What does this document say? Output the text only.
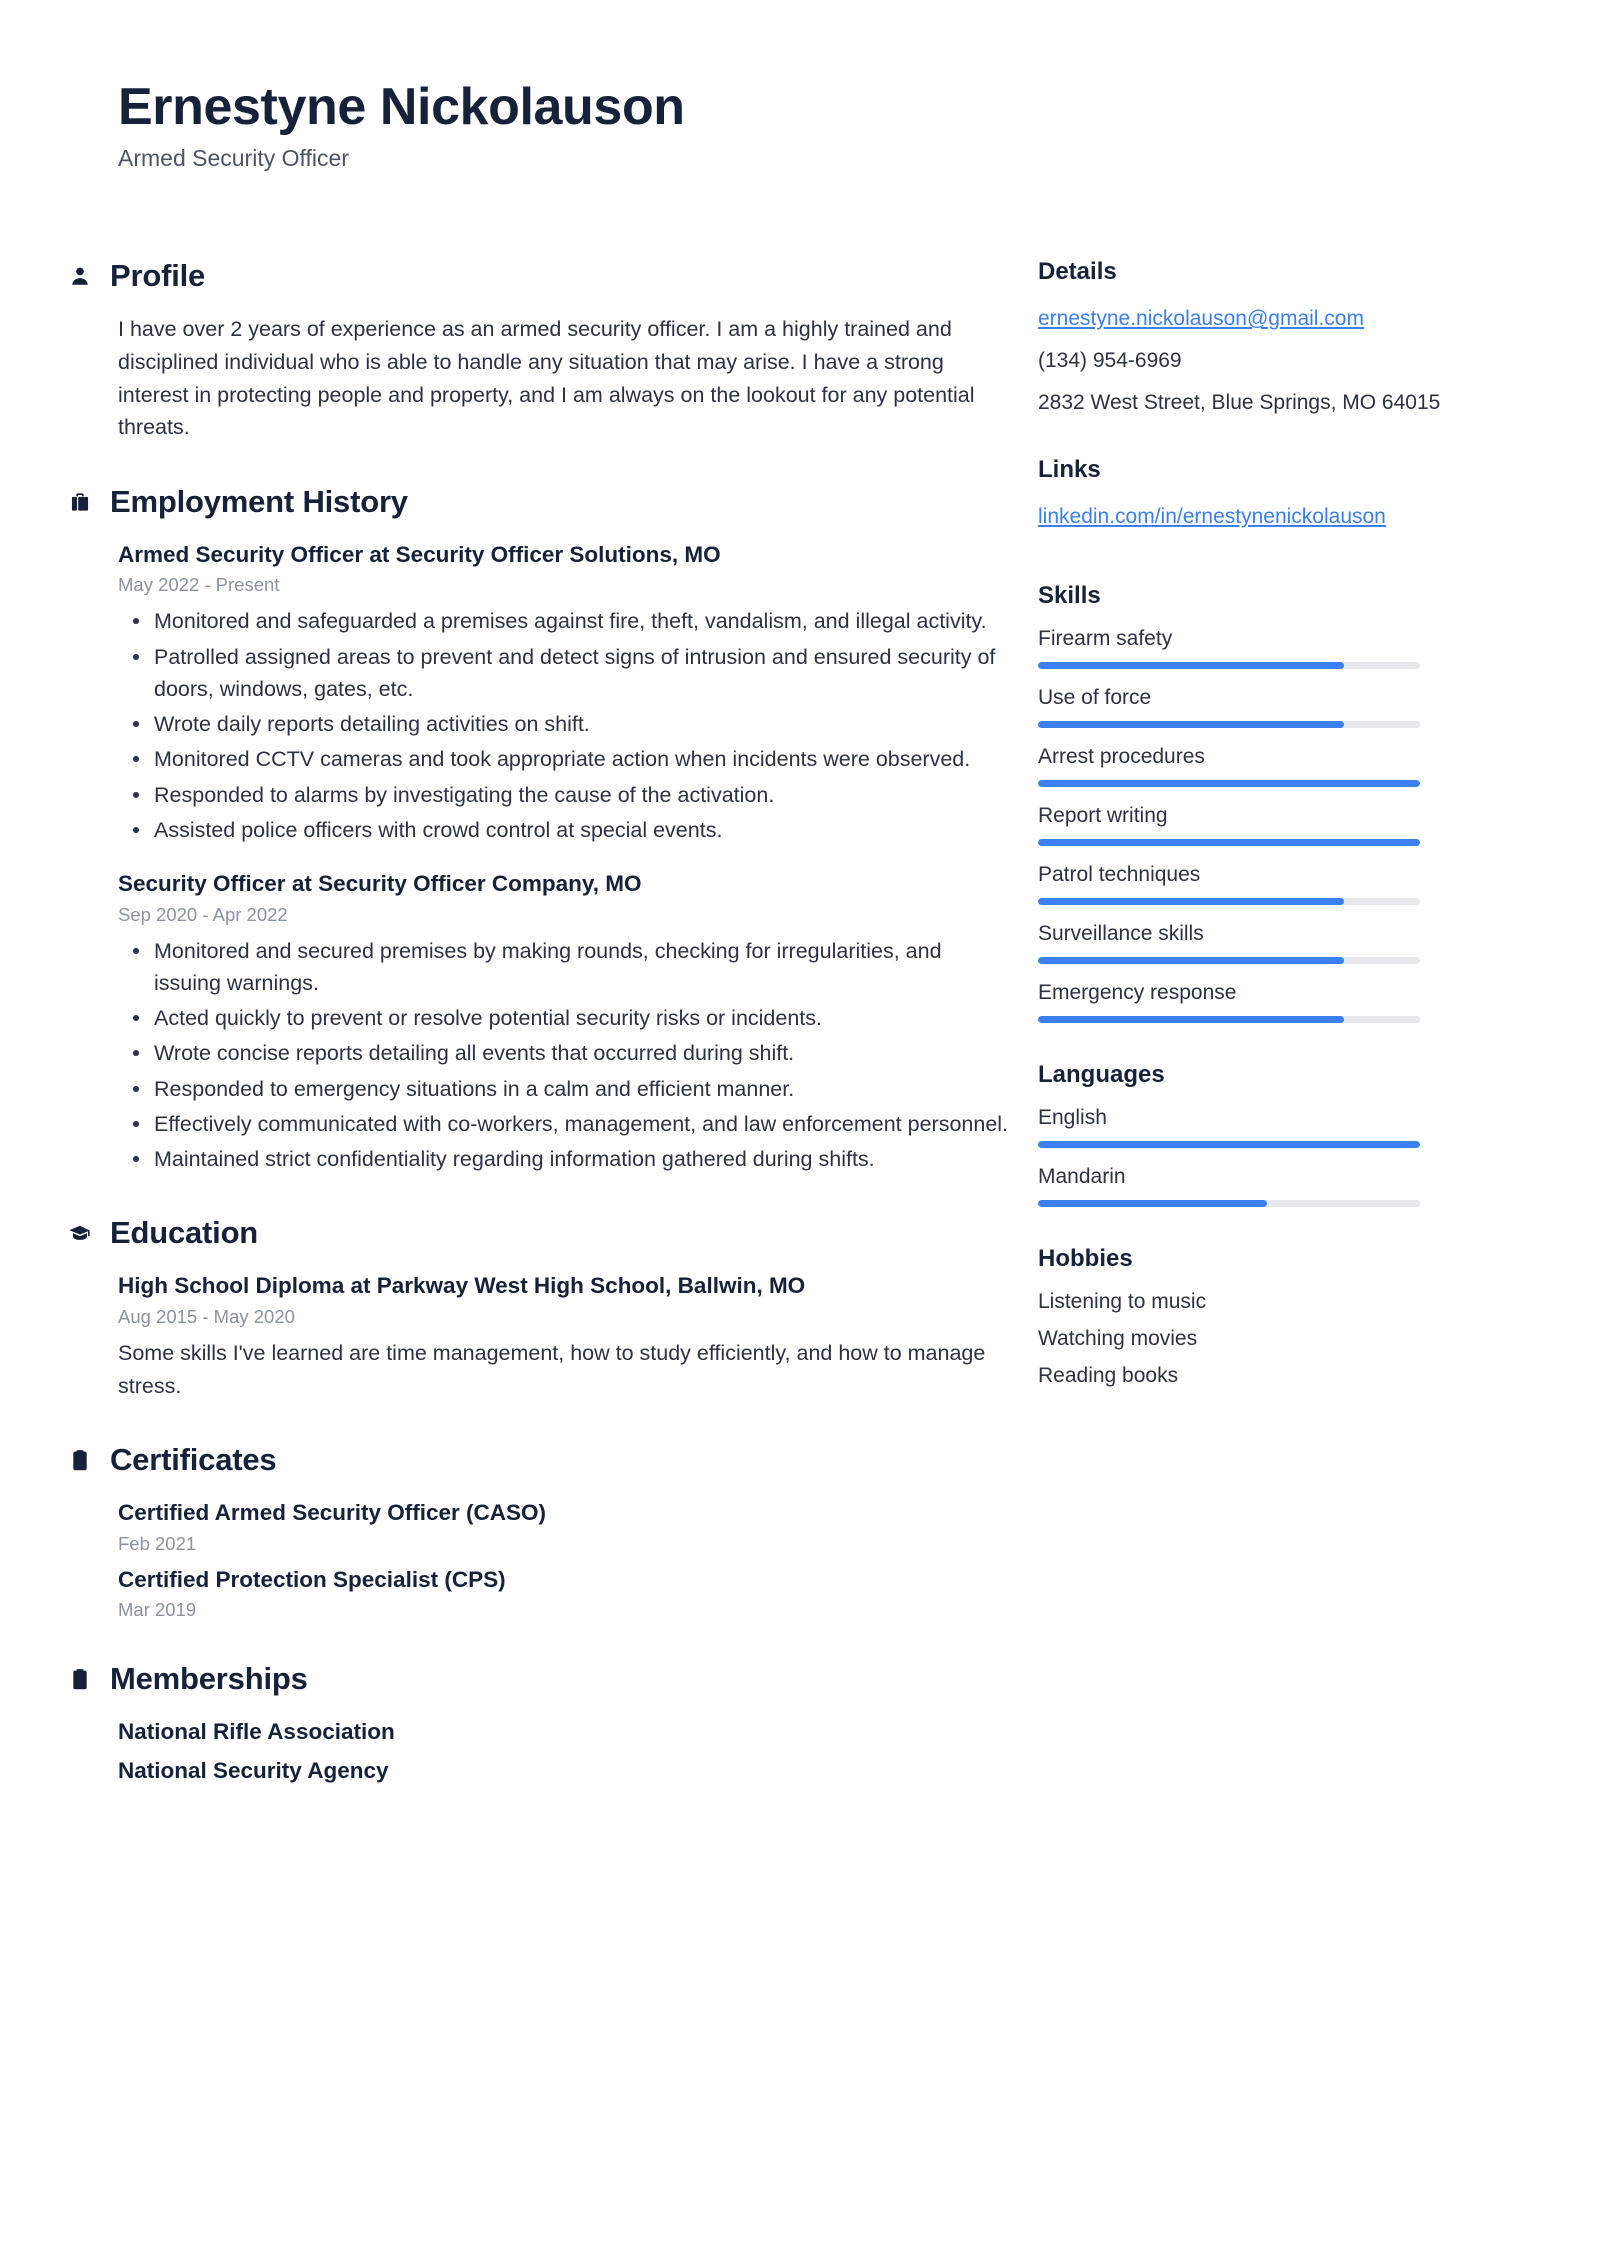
Ernestyne Nickolauson
Armed Security Officer
Profile

I have over 2 years of experience as an armed security officer. I am a highly trained and disciplined individual who is able to handle any situation that may arise. I have a strong interest in protecting people and property, and I am always on the lookout for any potential threats.

Employment History
Armed Security Officer at Security Officer Solutions, MO
May 2022 - Present
Monitored and safeguarded a premises against fire, theft, vandalism, and illegal activity.
Patrolled assigned areas to prevent and detect signs of intrusion and ensured security of doors, windows, gates, etc.
Wrote daily reports detailing activities on shift.
Monitored CCTV cameras and took appropriate action when incidents were observed.
Responded to alarms by investigating the cause of the activation.
Assisted police officers with crowd control at special events.
Security Officer at Security Officer Company, MO
Sep 2020 - Apr 2022
Monitored and secured premises by making rounds, checking for irregularities, and issuing warnings.
Acted quickly to prevent or resolve potential security risks or incidents.
Wrote concise reports detailing all events that occurred during shift.
Responded to emergency situations in a calm and efficient manner.
Effectively communicated with co-workers, management, and law enforcement personnel.
Maintained strict confidentiality regarding information gathered during shifts.
Education
High School Diploma at Parkway West High School, Ballwin, MO
Aug 2015 - May 2020
Some skills I've learned are time management, how to study efficiently, and how to manage stress.
Certificates
Certified Armed Security Officer (CASO)
Feb 2021
Certified Protection Specialist (CPS)
Mar 2019
Memberships
National Rifle Association
National Security Agency
Details
ernestyne.nickolauson@gmail.com
(134) 954-6969
2832 West Street, Blue Springs, MO 64015
Links
linkedin.com/in/ernestynenickolauson
Skills
Firearm safety
Use of force
Arrest procedures
Report writing
Patrol techniques
Surveillance skills
Emergency response
Languages
English
Mandarin
Hobbies
Listening to music
Watching movies
Reading books
